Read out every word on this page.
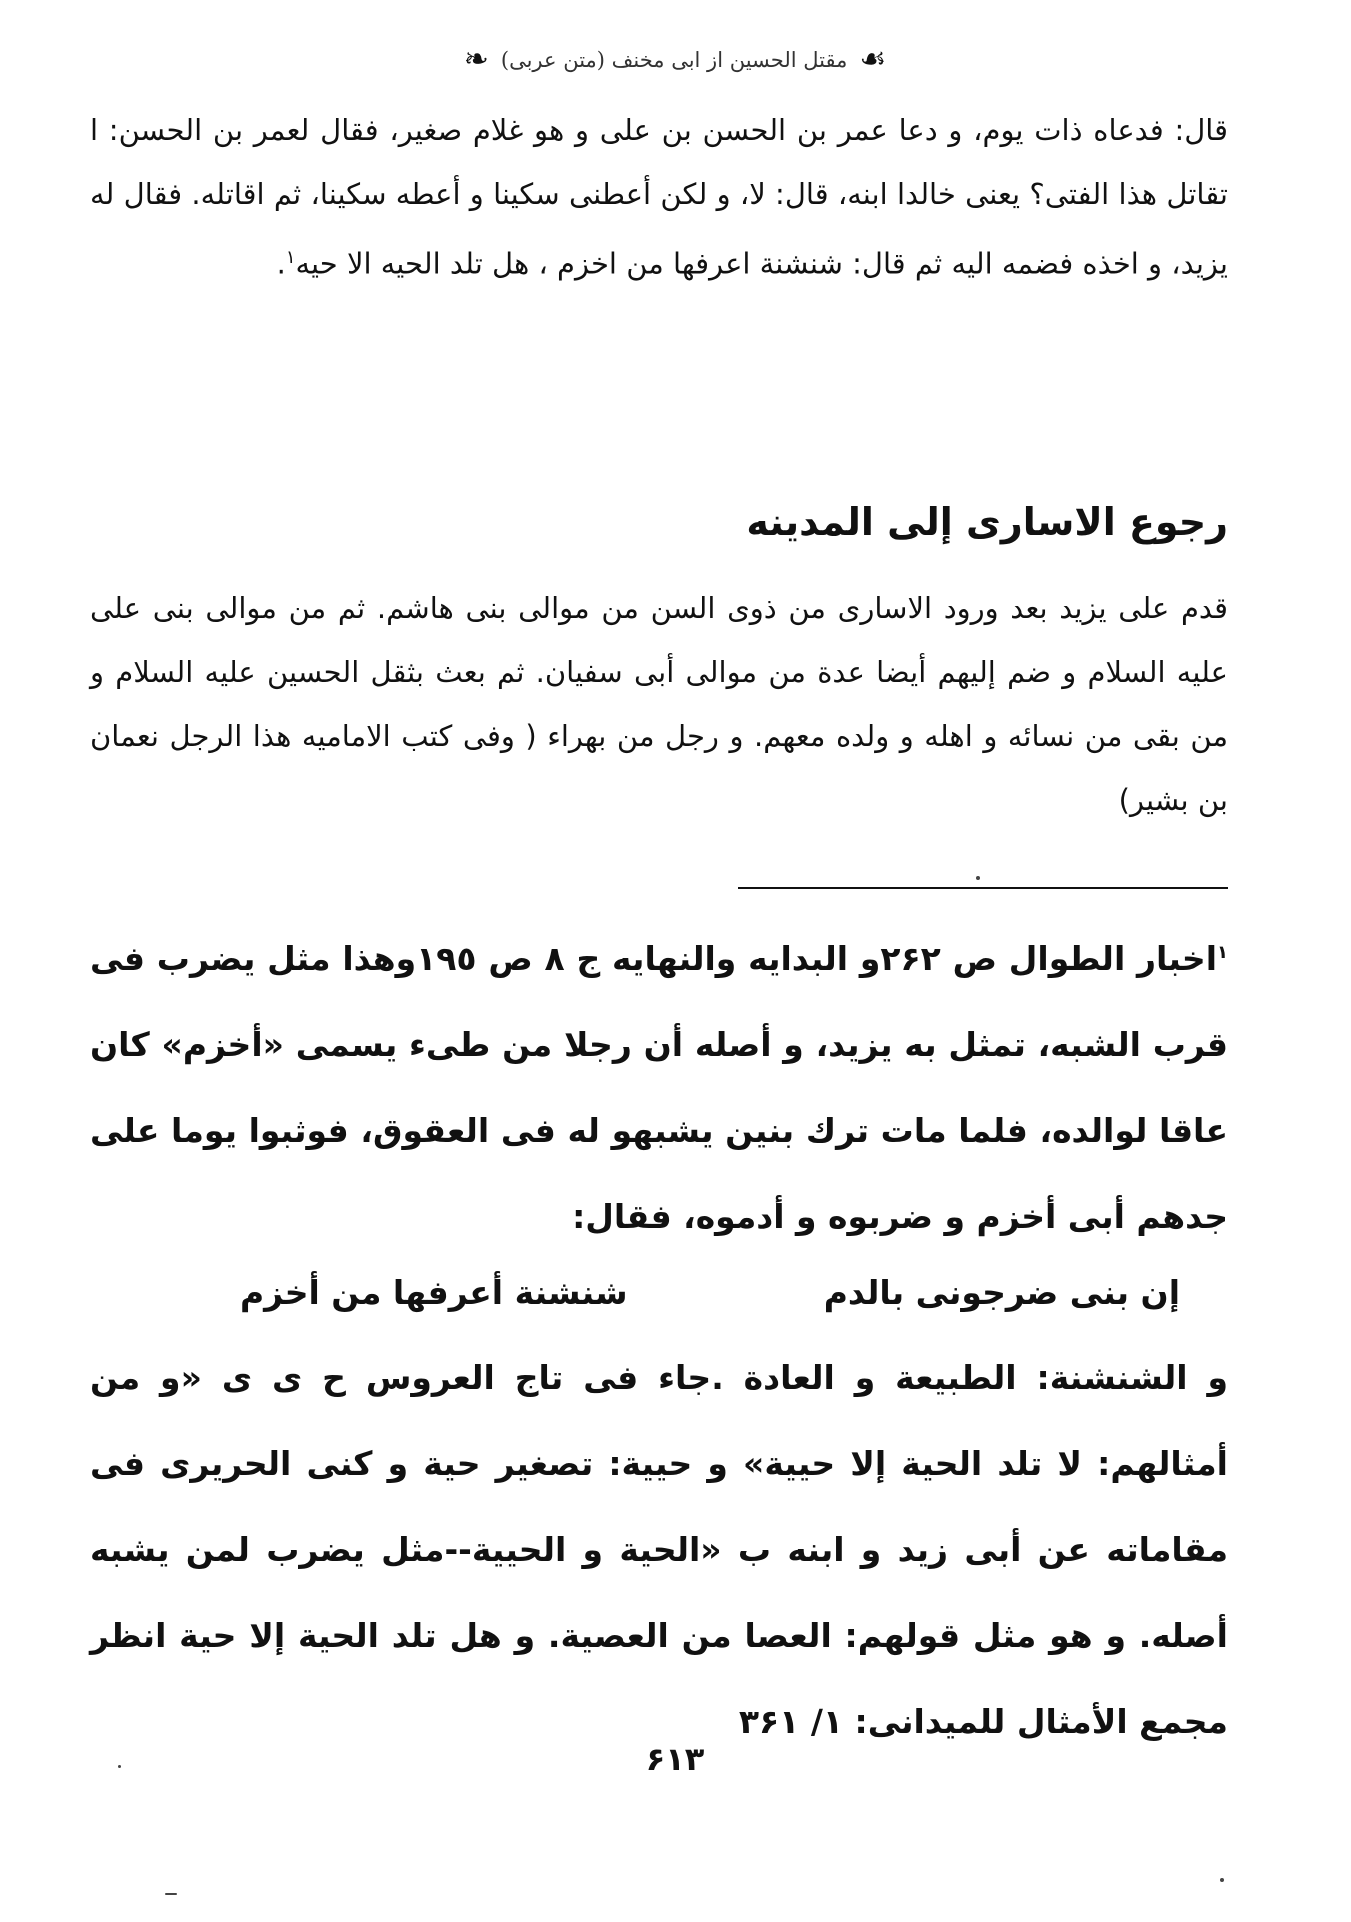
☙
مقتل الحسين از ابی مخنف (متن عربی)
❧

قال: فدعاه ذات يوم، و دعا عمر بن الحسن بن على و هو غلام صغير، فقال لعمر بن الحسن: ا تقاتل هذا الفتى؟ يعنى خالدا ابنه، قال: لا، و لكن أعطنى سكينا و أعطه سكينا، ثم اقاتله. فقال له يزيد، و اخذه فضمه اليه ثم قال: شنشنة اعرفها من اخزم ، هل تلد الحيه الا حيه$^١$.

رجوع الاسارى إلى المدينه

قدم على يزيد بعد ورود الاسارى من ذوى السن من موالى بنى هاشم. ثم من موالى بنى على عليه السلام و ضم إليهم أيضا عدة من موالى أبى سفيان. ثم بعث بثقل الحسين عليه السلام و من بقى من نسائه و اهله و ولده معهم. و رجل من بهراء ( وفى كتب الاماميه هذا الرجل نعمان بن بشير)

$^١$اخبار الطوال ص ٢۶٢و البدايه والنهايه ج ٨ ص ١٩٥وهذا مثل يضرب فى قرب الشبه، تمثل به يزيد، و أصله أن رجلا من طىء يسمى «أخزم» كان عاقا لوالده، فلما مات ترك بنين يشبهو له فى العقوق، فوثبوا يوما على جدهم أبى أخزم و ضربوه و أدموه، فقال:
إن بنى ضرجونى بالدم
شنشنة أعرفها من أخزم
و الشنشنة: الطبيعة و العادة .جاء فى تاج العروس ح ى ى «و من أمثالهم: لا تلد الحية إلا حيية» و حيية: تصغير حية و كنى الحريرى فى مقاماته عن أبى زيد و ابنه ب «الحية و الحيية--مثل يضرب لمن يشبه أصله. و هو مثل قولهم: العصا من العصية. و هل تلد الحية إلا حية انظر مجمع الأمثال للميدانى: ١/ ٣۶١
۶١٣
